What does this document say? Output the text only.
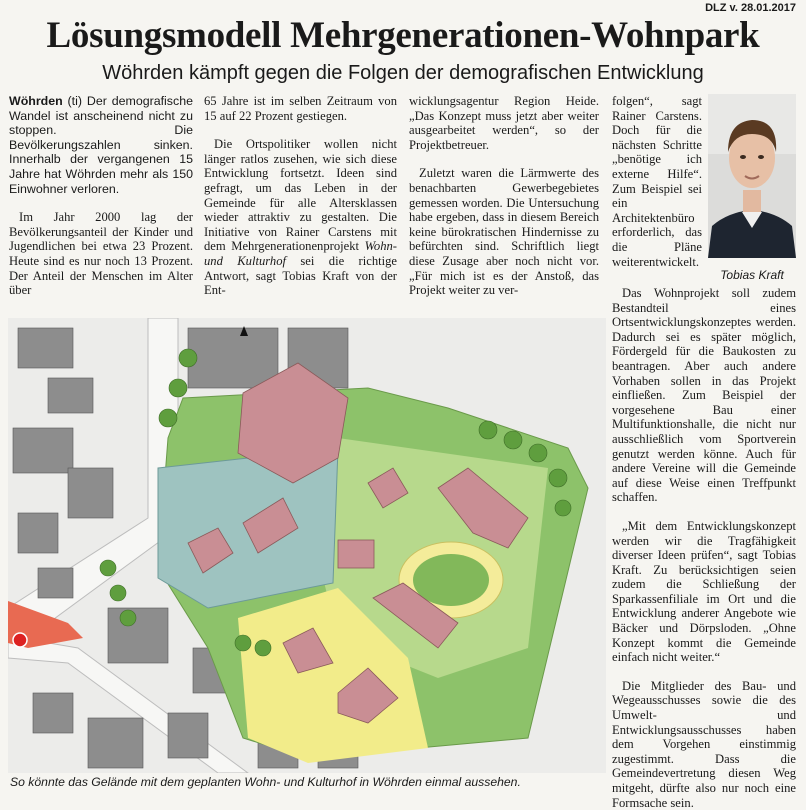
DLZ v. 28.01.2017
Lösungsmodell Mehrgenerationen-Wohnpark
Wöhrden kämpft gegen die Folgen der demografischen Entwicklung

Wöhrden (ti) Der demografische Wandel ist anscheinend nicht zu stoppen. Die Bevölkerungszahlen sinken. Innerhalb der vergangenen 15 Jahre hat Wöhrden mehr als 150 Einwohner verloren.

Im Jahr 2000 lag der Bevölkerungsanteil der Kinder und Jugendlichen bei etwa 23 Prozent. Heute sind es nur noch 13 Prozent. Der Anteil der Menschen im Alter über

65 Jahre ist im selben Zeitraum von 15 auf 22 Prozent gestiegen.

Die Ortspolitiker wollen nicht länger ratlos zusehen, wie sich diese Entwicklung fortsetzt. Ideen sind gefragt, um das Leben in der Gemeinde für alle Altersklassen wieder attraktiv zu gestalten. Die Initiative von Rainer Carstens mit dem Mehrgenerationenprojekt Wohn- und Kulturhof sei die richtige Antwort, sagt Tobias Kraft von der Ent-

wicklungsagentur Region Heide. „Das Konzept muss jetzt aber weiter ausgearbeitet werden“, so der Projektbetreuer.

Zuletzt waren die Lärmwerte des benachbarten Gewerbegebietes gemessen worden. Die Untersuchung habe ergeben, dass in diesem Bereich keine bürokratischen Hindernisse zu befürchten sind. Schriftlich liegt diese Zusage aber noch nicht vor. „Für mich ist es der Anstoß, das Projekt weiter zu ver-

folgen“, sagt Rainer Carstens. Doch für die nächsten Schritte „benötige ich externe Hilfe“. Zum Beispiel sei ein Architektenbüro erforderlich, das die Pläne weiterentwickelt.

Tobias Kraft

Das Wohnprojekt soll zudem Bestandteil eines Ortsentwicklungskonzeptes werden. Dadurch sei es später möglich, Fördergeld für die Baukosten zu beantragen. Aber auch andere Vorhaben sollen in das Projekt einfließen. Zum Beispiel der vorgesehene Bau einer Multifunktionshalle, die nicht nur ausschließlich vom Sportverein genutzt werden könne. Auch für andere Vereine will die Gemeinde auf diese Weise einen Treffpunkt schaffen.

„Mit dem Entwicklungskonzept werden wir die Tragfähigkeit diverser Ideen prüfen“, sagt Tobias Kraft. Zu berücksichtigen seien zudem die Schließung der Sparkassenfiliale im Ort und die Entwicklung anderer Angebote wie Bäcker und Dörpsloden. „Ohne Konzept kommt die Gemeinde einfach nicht weiter.“

Die Mitglieder des Bau- und Wegeausschusses sowie die des Umwelt- und Entwicklungsausschusses haben dem Vorgehen einstimmig zugestimmt. Dass die Gemeindevertretung diesen Weg mitgeht, dürfte also nur noch eine Formsache sein.

So könnte das Gelände mit dem geplanten Wohn- und Kulturhof in Wöhrden einmal aussehen.
